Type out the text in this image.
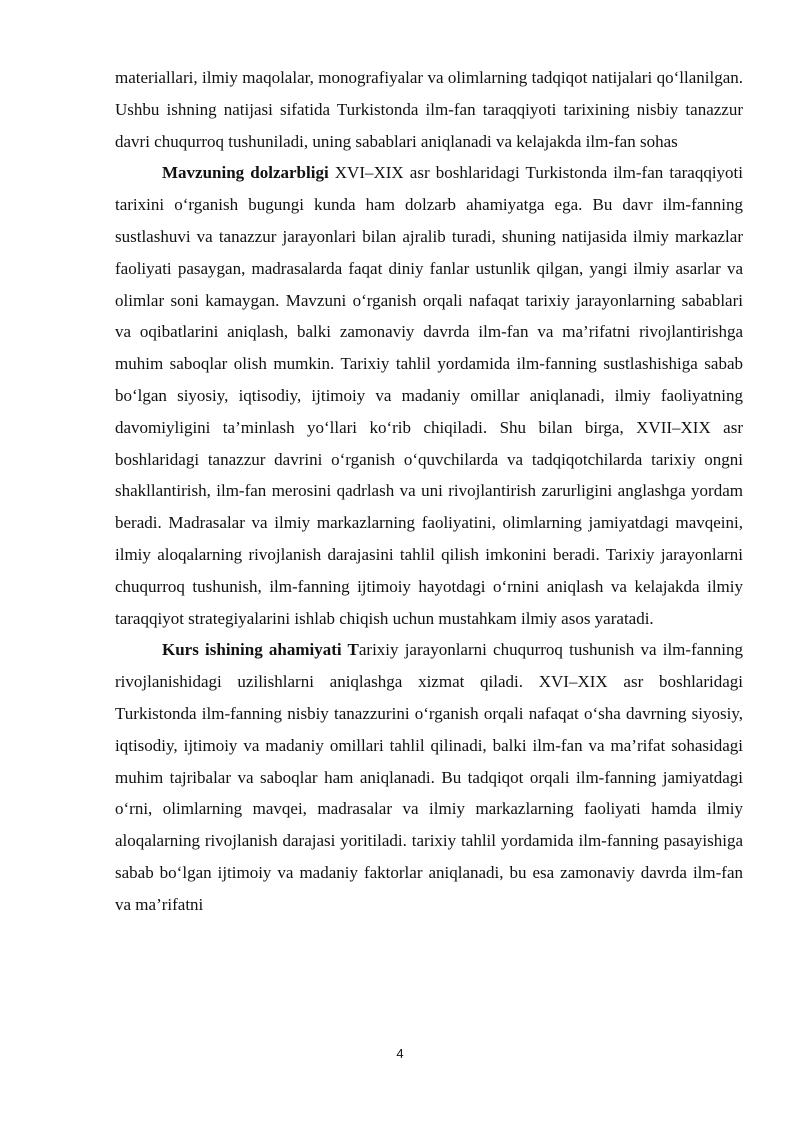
materiallari, ilmiy maqolalar, monografiyalar va olimlarning tadqiqot natijalari qo‘llanilgan. Ushbu ishning natijasi sifatida Turkistonda ilm-fan taraqqiyoti tarixining nisbiy tanazzur davri chuqurroq tushuniladi, uning sabablari aniqlanadi va kelajakda ilm-fan sohas

Mavzuning dolzarbligi XVI–XIX asr boshlaridagi Turkistonda ilm-fan taraqqiyoti tarixini o‘rganish bugungi kunda ham dolzarb ahamiyatga ega. Bu davr ilm-fanning sustlashuvi va tanazzur jarayonlari bilan ajralib turadi, shuning natijasida ilmiy markazlar faoliyati pasaygan, madrasalarda faqat diniy fanlar ustunlik qilgan, yangi ilmiy asarlar va olimlar soni kamaygan. Mavzuni o‘rganish orqali nafaqat tarixiy jarayonlarning sabablari va oqibatlarini aniqlash, balki zamonaviy davrda ilm-fan va ma’rifatni rivojlantirishga muhim saboqlar olish mumkin. Tarixiy tahlil yordamida ilm-fanning sustlashishiga sabab bo‘lgan siyosiy, iqtisodiy, ijtimoiy va madaniy omillar aniqlanadi, ilmiy faoliyatning davomiyligini ta’minlash yo‘llari ko‘rib chiqiladi. Shu bilan birga, XVII–XIX asr boshlaridagi tanazzur davrini o‘rganish o‘quvchilarda va tadqiqotchilarda tarixiy ongni shakllantirish, ilm-fan merosini qadrlash va uni rivojlantirish zarurligini anglashga yordam beradi. Madrasalar va ilmiy markazlarning faoliyatini, olimlarning jamiyatdagi mavqeini, ilmiy aloqalarning rivojlanish darajasini tahlil qilish imkonini beradi. Tarixiy jarayonlarni chuqurroq tushunish, ilm-fanning ijtimoiy hayotdagi o‘rnini aniqlash va kelajakda ilmiy taraqqiyot strategiyalarini ishlab chiqish uchun mustahkam ilmiy asos yaratadi.

Kurs ishining ahamiyati Tarixiy jarayonlarni chuqurroq tushunish va ilm-fanning rivojlanishidagi uzilishlarni aniqlashga xizmat qiladi. XVI–XIX asr boshlaridagi Turkistonda ilm-fanning nisbiy tanazzurini o‘rganish orqali nafaqat o‘sha davrning siyosiy, iqtisodiy, ijtimoiy va madaniy omillari tahlil qilinadi, balki ilm-fan va ma’rifat sohasidagi muhim tajribalar va saboqlar ham aniqlanadi. Bu tadqiqot orqali ilm-fanning jamiyatdagi o‘rni, olimlarning mavqei, madrasalar va ilmiy markazlarning faoliyati hamda ilmiy aloqalarning rivojlanish darajasi yoritiladi. tarixiy tahlil yordamida ilm-fanning pasayishiga sabab bo‘lgan ijtimoiy va madaniy faktorlar aniqlanadi, bu esa zamonaviy davrda ilm-fan va ma’rifatni

4
